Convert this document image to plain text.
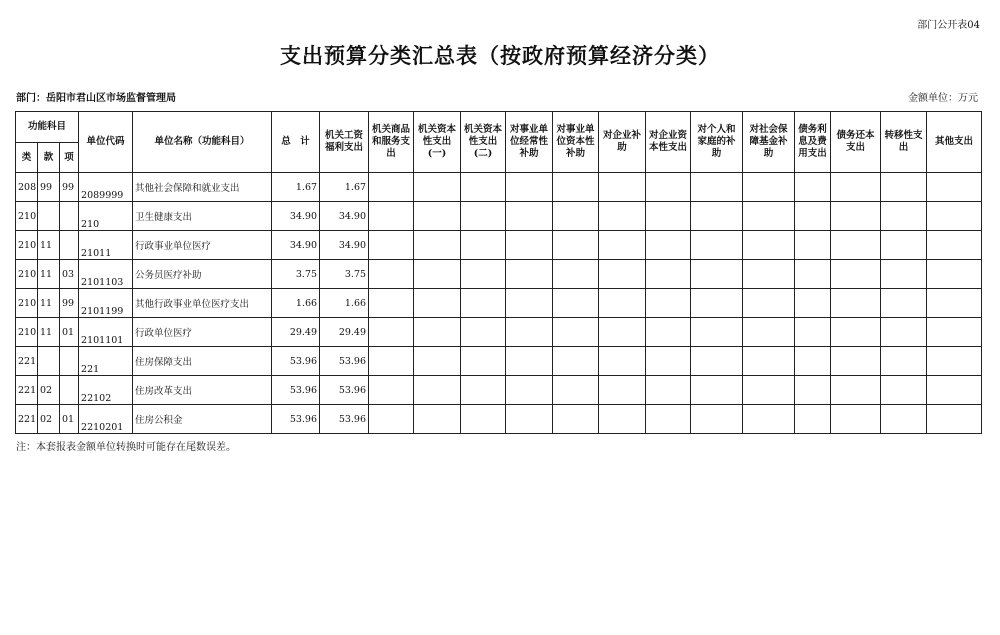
部门公开表04
支出预算分类汇总表（按政府预算经济分类）
部门：岳阳市君山区市场监督管理局	金额单位：万元
功能科目			单位代码	单位名称（功能科目）	总　计	机关工资福利支出	机关商品和服务支出	机关资本性支出(一)	机关资本性支出(二)	对事业单位经常性补助	对事业单位资本性补助	对企业补助	对企业资本性支出	对个人和家庭的补助	对社会保障基金补助	债务利息及费用支出	债务还本支出	转移性支出	其他支出
类	款	项																	
208	99	99	2089999	其他社会保障和就业支出	1.67	1.67													
210			210	卫生健康支出	34.90	34.90													
210	11		21011	行政事业单位医疗	34.90	34.90													
210	11	03	2101103	公务员医疗补助	3.75	3.75													
210	11	99	2101199	其他行政事业单位医疗支出	1.66	1.66													
210	11	01	2101101	行政单位医疗	29.49	29.49													
221			221	住房保障支出	53.96	53.96													
221	02		22102	住房改革支出	53.96	53.96													
221	02	01	2210201	住房公积金	53.96	53.96													
注：本套报表金额单位转换时可能存在尾数误差。
